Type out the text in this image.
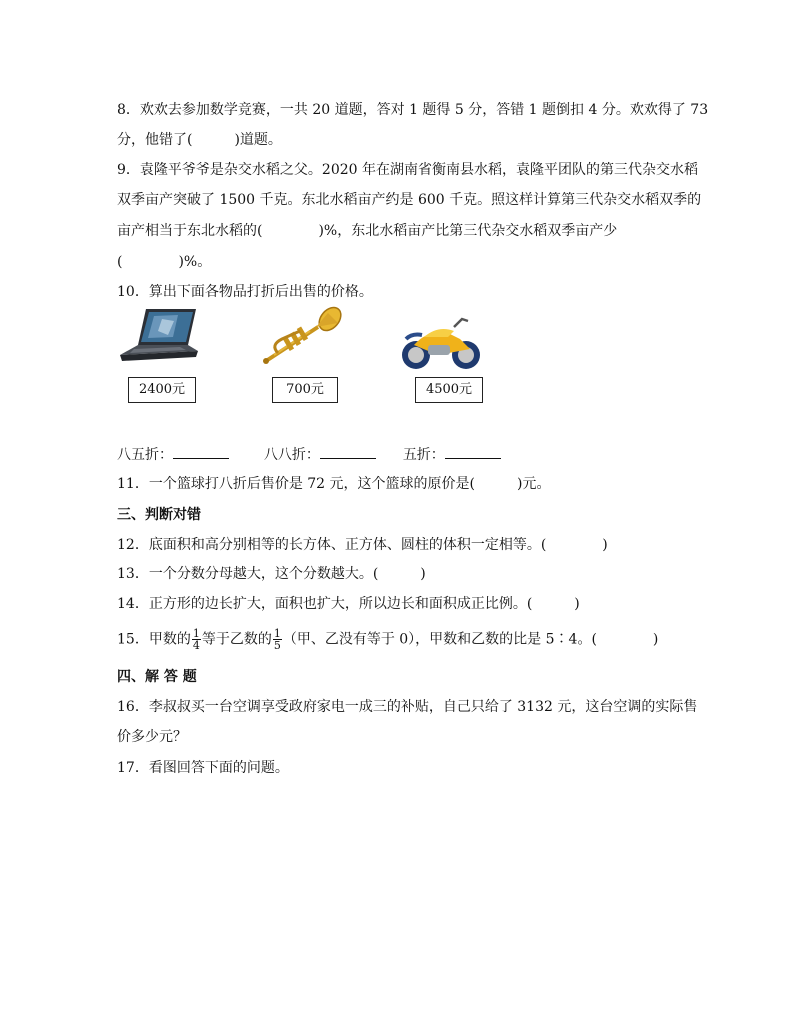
8．欢欢去参加数学竞赛，一共 20 道题，答对 1 题得 5 分，答错 1 题倒扣 4 分。欢欢得了 73
分，他错了(　　　)道题。
9．袁隆平爷爷是杂交水稻之父。2020 年在湖南省衡南县水稻，袁隆平团队的第三代杂交水稻
双季亩产突破了 1500 千克。东北水稻亩产约是 600 千克。照这样计算第三代杂交水稻双季的
亩产相当于东北水稻的(　　　　)%，东北水稻亩产比第三代杂交水稻双季亩产少
(　　　　)%。
10．算出下面各物品打折后出售的价格。
2400元	700元	4500元
八五折：	八八折：	五折：
11．一个篮球打八折后售价是 72 元，这个篮球的原价是(　　　)元。
三、判断对错
12．底面积和高分别相等的长方体、正方体、圆柱的体积一定相等。(　　　　)
13．一个分数分母越大，这个分数越大。(　　　)
14．正方形的边长扩大，面积也扩大，所以边长和面积成正比例。(　　　)
15．甲数的 $\frac{1}{4}$ 等于乙数的 $\frac{1}{5}$ （甲、乙没有等于 0），甲数和乙数的比是 5∶4。(　　　　)
四、解 答 题
16．李叔叔买一台空调享受政府家电一成三的补贴，自己只给了 3132 元，这台空调的实际售
价多少元？
17．看图回答下面的问题。
